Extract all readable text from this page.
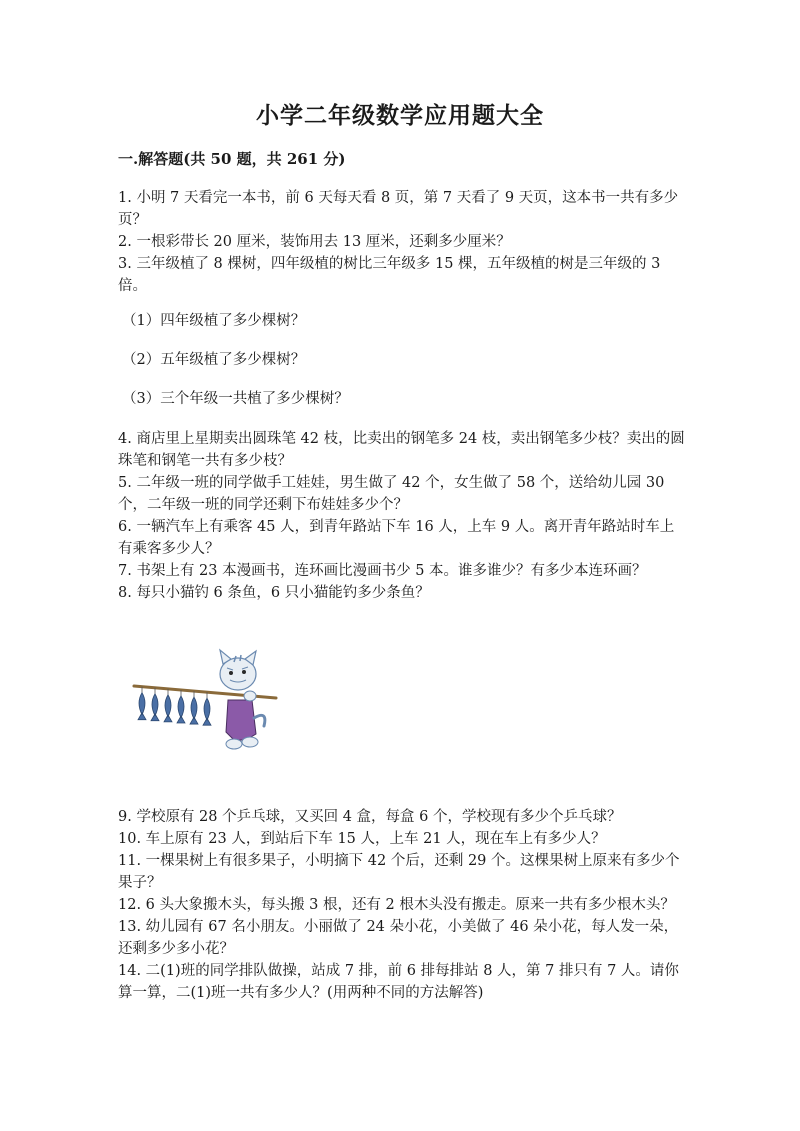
小学二年级数学应用题大全
一.解答题(共 50 题，共 261 分)

1. 小明 7 天看完一本书，前 6 天每天看 8 页，第 7 天看了 9 天页，这本书一共有多少页？

2. 一根彩带长 20 厘米，装饰用去 13 厘米，还剩多少厘米？

3. 三年级植了 8 棵树，四年级植的树比三年级多 15 棵，五年级植的树是三年级的 3 倍。

（1）四年级植了多少棵树？
（2）五年级植了多少棵树？
（3）三个年级一共植了多少棵树？

4. 商店里上星期卖出圆珠笔 42 枝，比卖出的钢笔多 24 枝，卖出钢笔多少枝？卖出的圆珠笔和钢笔一共有多少枝？

5. 二年级一班的同学做手工娃娃，男生做了 42 个，女生做了 58 个，送给幼儿园 30 个，二年级一班的同学还剩下布娃娃多少个？

6. 一辆汽车上有乘客 45 人，到青年路站下车 16 人，上车 9 人。离开青年路站时车上有乘客多少人？

7. 书架上有 23 本漫画书，连环画比漫画书少 5 本。谁多谁少？有多少本连环画？

8. 每只小猫钓 6 条鱼，6 只小猫能钓多少条鱼？

9. 学校原有 28 个乒乓球，又买回 4 盒，每盒 6 个，学校现有多少个乒乓球？

10. 车上原有 23 人，到站后下车 15 人，上车 21 人，现在车上有多少人？

11. 一棵果树上有很多果子，小明摘下 42 个后，还剩 29 个。这棵果树上原来有多少个果子？

12. 6 头大象搬木头，每头搬 3 根，还有 2 根木头没有搬走。原来一共有多少根木头？

13. 幼儿园有 67 名小朋友。小丽做了 24 朵小花，小美做了 46 朵小花，每人发一朵，还剩多少多小花？

14. 二(1)班的同学排队做操，站成 7 排，前 6 排每排站 8 人，第 7 排只有 7 人。请你算一算，二(1)班一共有多少人？(用两种不同的方法解答)
